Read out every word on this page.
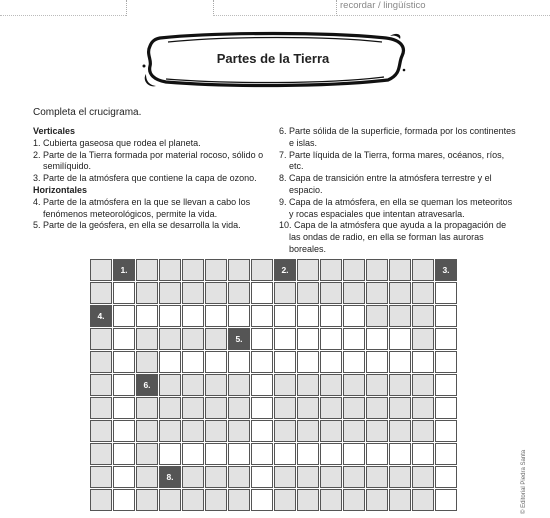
recordar / lingüístico
Partes de la Tierra
Completa el crucigrama.
Verticales
1. Cubierta gaseosa que rodea el planeta.
2. Parte de la Tierra formada por material rocoso, sólido o semilíquido.
3. Parte de la atmósfera que contiene la capa de ozono.
Horizontales
4. Parte de la atmósfera en la que se llevan a cabo los fenómenos meteorológicos, permite la vida.
5. Parte de la geósfera, en ella se desarrolla la vida.
6. Parte sólida de la superficie, formada por los continentes e islas.
7. Parte líquida de la Tierra, forma mares, océanos, ríos, etc.
8. Capa de transición entre la atmósfera terrestre y el espacio.
9. Capa de la atmósfera, en ella se queman los meteoritos y rocas espaciales que intentan atravesarla.
10. Capa de la atmósfera que ayuda a la propagación de las ondas de radio, en ella se forman las auroras boreales.
© Editorial Piedra Santa
1.	2.	3.
4.
5.
6.
8.
